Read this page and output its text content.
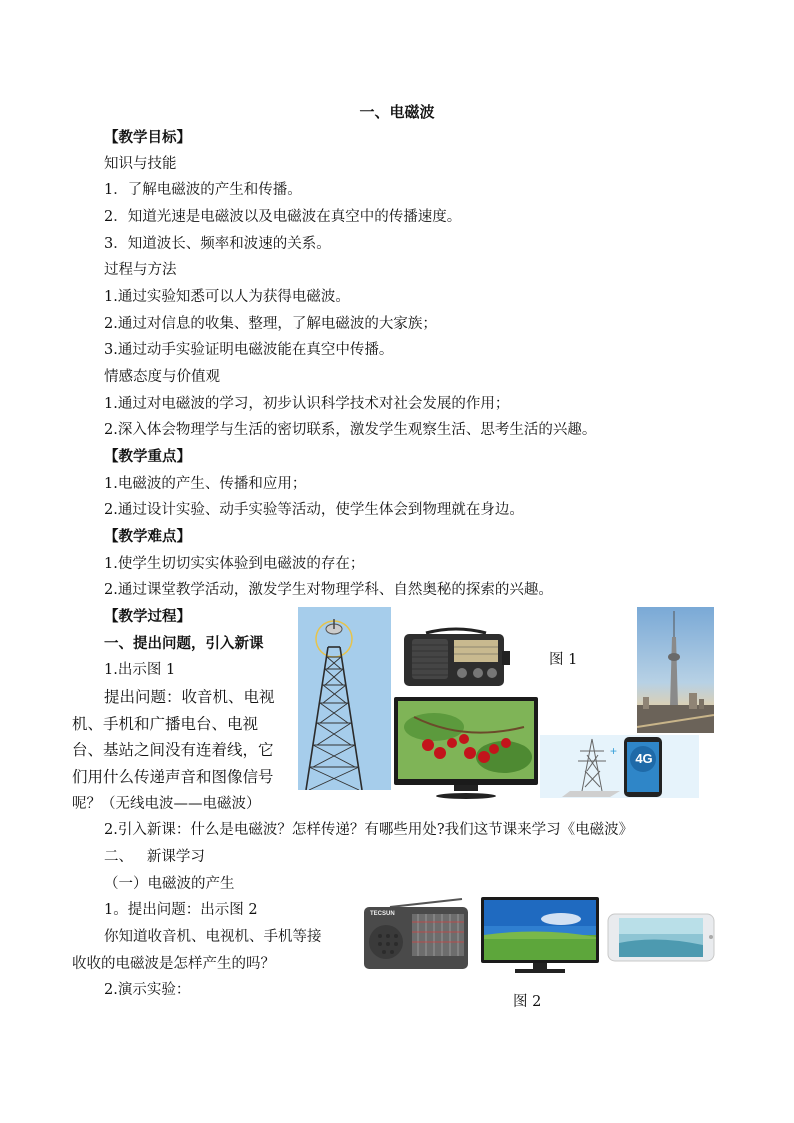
一、电磁波
【教学目标】
知识与技能
1．了解电磁波的产生和传播。
2．知道光速是电磁波以及电磁波在真空中的传播速度。
3．知道波长、频率和波速的关系。
过程与方法
1.通过实验知悉可以人为获得电磁波。
2.通过对信息的收集、整理，了解电磁波的大家族；
3.通过动手实验证明电磁波能在真空中传播。
情感态度与价值观
1.通过对电磁波的学习，初步认识科学技术对社会发展的作用；
2.深入体会物理学与生活的密切联系，激发学生观察生活、思考生活的兴趣。
【教学重点】
1.电磁波的产生、传播和应用；
2.通过设计实验、动手实验等活动，使学生体会到物理就在身边。
【教学难点】
1.使学生切切实实体验到电磁波的存在；
2.通过课堂教学活动，激发学生对物理学科、自然奥秘的探索的兴趣。
【教学过程】
一、提出问题，引入新课
1.出示图 1
提出问题：收音机、电视
机、手机和广播电台、电视
台、基站之间没有连着线，它
们用什么传递声音和图像信号
呢？（无线电波——电磁波）
2.引入新课：什么是电磁波？怎样传递？有哪些用处?我们这节课来学习《电磁波》
二、   新课学习
（一）电磁波的产生
1。提出问题：出示图 2
你知道收音机、电视机、手机等接
收收的电磁波是怎样产生的吗？
2.演示实验：
图 1
+	4G
TECSUN
图 2
